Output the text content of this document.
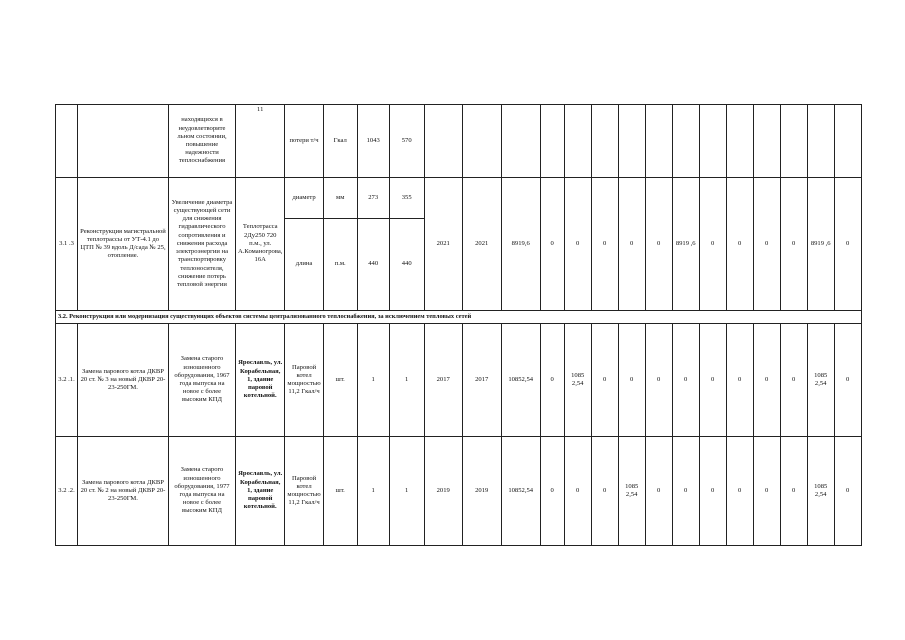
		находящихся в неудовлетворите льном состоянии, повышение надежности теплоснабжения	11	потери т/ч	Гкал	1043	570															
3.1 .3	Реконструкция магистральной теплотрассы от УТ-4.1 до ЦТП № 39 вдоль Д/сада № 25, отопление.	Увеличение диаметра существующей сети для снижения гидравлического сопротивления и снижения расхода электроэнергии на транспортировку теплоносителя, снижение потерь тепловой энергии	Теплотрасса 2Ду250 720 п.м., ул. А.Команогрова, 16А	диаметр	мм	273	355	2021	2021	8919,6	0	0	0	0	0	8919 ,6	0	0	0	0	8919 ,6	0
				длина	п.м.	440	440															
3.2. Реконструкция или модернизация существующих объектов системы централизованного теплоснабжения, за исключением тепловых сетей																						
3.2 .1.	Замена парового котла ДКВР 20 ст. № 3 на новый ДКВР 20-23-250ГМ.	Замена старого изношенного оборудования, 1967 года выпуска на новое с более высоким КПД	Ярославль, ул. Корабельная, 1, здание паровой котельной.	Паровой котел мощностью 11,2 Гкал/ч	шт.	1	1	2017	2017	10852,54	0	1085 2,54	0	0	0	0	0	0	0	0	1085 2,54	0
3.2 .2.	Замена парового котла ДКВР 20 ст. № 2 на новый ДКВР 20-23-250ГМ.	Замена старого изношенного оборудования, 1977 года выпуска на новое с более высоким КПД	Ярославль, ул. Корабельная, 1, здание паровой котельной.	Паровой котел мощностью 11,2 Гкал/ч	шт.	1	1	2019	2019	10852,54	0	0	0	1085 2,54	0	0	0	0	0	0	1085 2,54	0
